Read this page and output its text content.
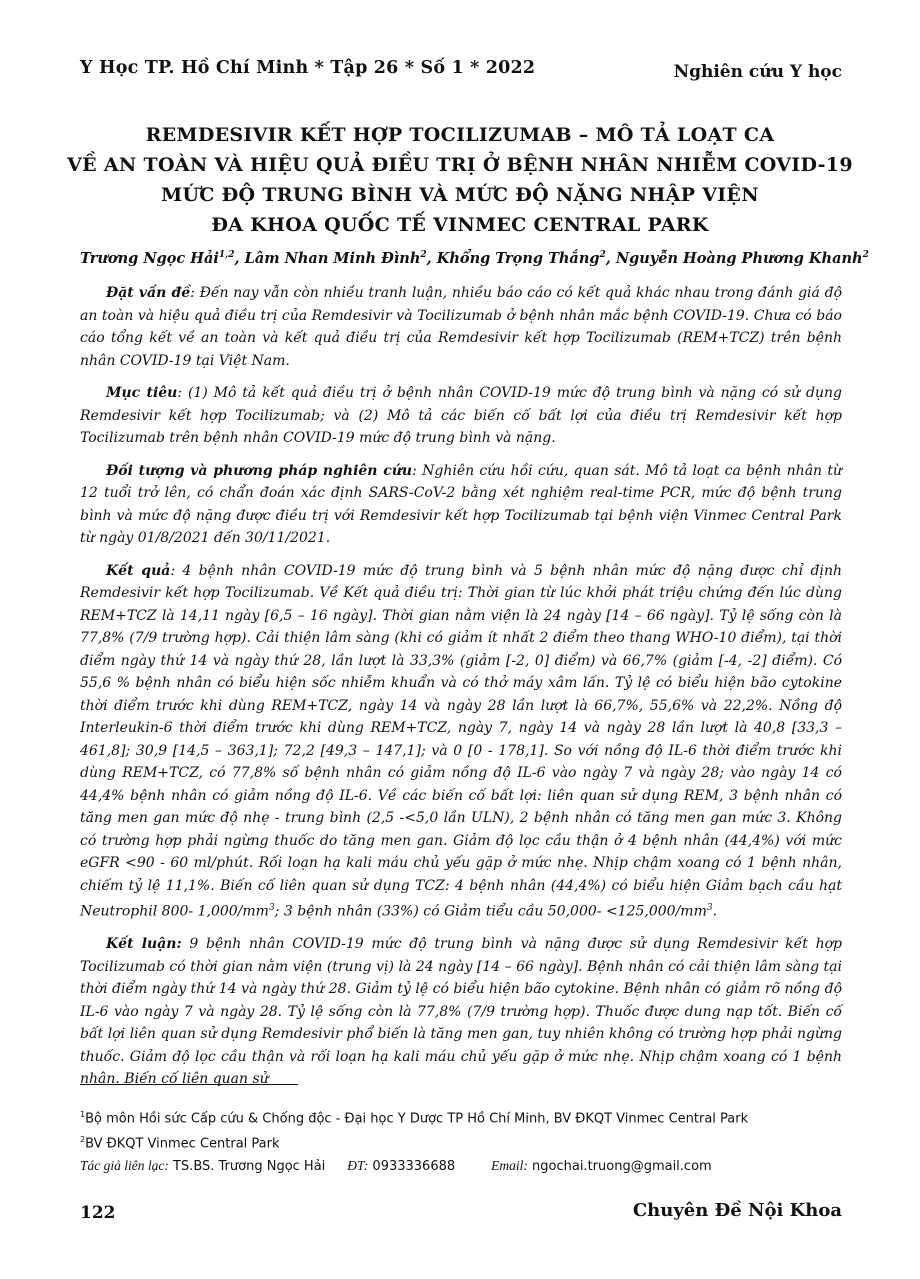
Y Học TP. Hồ Chí Minh * Tập 26 * Số 1 * 2022	Nghiên cứu Y học
REMDESIVIR KẾT HỢP TOCILIZUMAB – MÔ TẢ LOẠT CA
VỀ AN TOÀN VÀ HIỆU QUẢ ĐIỀU TRỊ Ở BỆNH NHÂN NHIỄM COVID-19
MỨC ĐỘ TRUNG BÌNH VÀ MỨC ĐỘ NẶNG NHẬP VIỆN
ĐA KHOA QUỐC TẾ VINMEC CENTRAL PARK
Trương Ngọc Hải$^{1,2}$, Lâm Nhan Minh Đình$^2$, Khổng Trọng Thắng$^2$, Nguyễn Hoàng Phương Khanh$^2$

Đặt vấn đề: Đến nay vẫn còn nhiều tranh luận, nhiều báo cáo có kết quả khác nhau trong đánh giá độ an toàn và hiệu quả điều trị của Remdesivir và Tocilizumab ở bệnh nhân mắc bệnh COVID-19. Chưa có báo cáo tổng kết về an toàn và kết quả điều trị của Remdesivir kết hợp Tocilizumab (REM+TCZ) trên bệnh nhân COVID-19 tại Việt Nam.

Mục tiêu: (1) Mô tả kết quả điều trị ở bệnh nhân COVID-19 mức độ trung bình và nặng có sử dụng Remdesivir kết hợp Tocilizumab; và (2) Mô tả các biến cố bất lợi của điều trị Remdesivir kết hợp Tocilizumab trên bệnh nhân COVID-19 mức độ trung bình và nặng.

Đối tượng và phương pháp nghiên cứu: Nghiên cứu hồi cứu, quan sát. Mô tả loạt ca bệnh nhân từ 12 tuổi trở lên, có chẩn đoán xác định SARS-CoV-2 bằng xét nghiệm real-time PCR, mức độ bệnh trung bình và mức độ nặng được điều trị với Remdesivir kết hợp Tocilizumab tại bệnh viện Vinmec Central Park từ ngày 01/8/2021 đến 30/11/2021.

Kết quả: 4 bệnh nhân COVID-19 mức độ trung bình và 5 bệnh nhân mức độ nặng được chỉ định Remdesivir kết hợp Tocilizumab. Về Kết quả điều trị: Thời gian từ lúc khởi phát triệu chứng đến lúc dùng REM+TCZ là 14,11 ngày [6,5 – 16 ngày]. Thời gian nằm viện là 24 ngày [14 – 66 ngày]. Tỷ lệ sống còn là 77,8% (7/9 trường hợp). Cải thiện lâm sàng (khi có giảm ít nhất 2 điểm theo thang WHO-10 điểm), tại thời điểm ngày thứ 14 và ngày thứ 28, lần lượt là 33,3% (giảm [-2, 0] điểm) và 66,7% (giảm [-4, -2] điểm). Có 55,6 % bệnh nhân có biểu hiện sốc nhiễm khuẩn và có thở máy xâm lấn. Tỷ lệ có biểu hiện bão cytokine thời điểm trước khi dùng REM+TCZ, ngày 14 và ngày 28 lần lượt là 66,7%, 55,6% và 22,2%. Nồng độ Interleukin-6 thời điểm trước khi dùng REM+TCZ, ngày 7, ngày 14 và ngày 28 lần lượt là 40,8 [33,3 – 461,8]; 30,9 [14,5 – 363,1]; 72,2 [49,3 – 147,1]; và 0 [0 - 178,1]. So với nồng độ IL-6 thời điểm trước khi dùng REM+TCZ, có 77,8% số bệnh nhân có giảm nồng độ IL-6 vào ngày 7 và ngày 28; vào ngày 14 có 44,4% bệnh nhân có giảm nồng độ IL-6. Về các biến cố bất lợi: liên quan sử dụng REM, 3 bệnh nhân có tăng men gan mức độ nhẹ - trung bình (2,5 -<5,0 lần ULN), 2 bệnh nhân có tăng men gan mức 3. Không có trường hợp phải ngừng thuốc do tăng men gan. Giảm độ lọc cầu thận ở 4 bệnh nhân (44,4%) với mức eGFR <90 - 60 ml/phút. Rối loạn hạ kali máu chủ yếu gặp ở mức nhẹ. Nhịp chậm xoang có 1 bệnh nhân, chiếm tỷ lệ 11,1%. Biến cố liên quan sử dụng TCZ: 4 bệnh nhân (44,4%) có biểu hiện Giảm bạch cầu hạt Neutrophil 800- $1,000/mm^3$; 3 bệnh nhân (33%) có Giảm tiểu cầu $50,000- <125,000/mm^3$.

Kết luận: 9 bệnh nhân COVID-19 mức độ trung bình và nặng được sử dụng Remdesivir kết hợp Tocilizumab có thời gian nằm viện (trung vị) là 24 ngày [14 – 66 ngày]. Bệnh nhân có cải thiện lâm sàng tại thời điểm ngày thứ 14 và ngày thứ 28. Giảm tỷ lệ có biểu hiện bão cytokine. Bệnh nhân có giảm rõ nồng độ IL-6 vào ngày 7 và ngày 28. Tỷ lệ sống còn là 77,8% (7/9 trường hợp). Thuốc được dung nạp tốt. Biến cố bất lợi liên quan sử dụng Remdesivir phổ biến là tăng men gan, tuy nhiên không có trường hợp phải ngừng thuốc. Giảm độ lọc cầu thận và rối loạn hạ kali máu chủ yếu gặp ở mức nhẹ. Nhịp chậm xoang có 1 bệnh nhân. Biến cố liên quan sử

$^1$Bộ môn Hồi sức Cấp cứu & Chống độc - Đại học Y Dược TP Hồ Chí Minh, BV ĐKQT Vinmec Central Park
$^2$BV ĐKQT Vinmec Central Park
Tác giả liên lạc: TS.BS. Trương Ngọc Hải ĐT: 0933336688	Email: ngochai.truong@gmail.com
122	Chuyên Đề Nội Khoa
